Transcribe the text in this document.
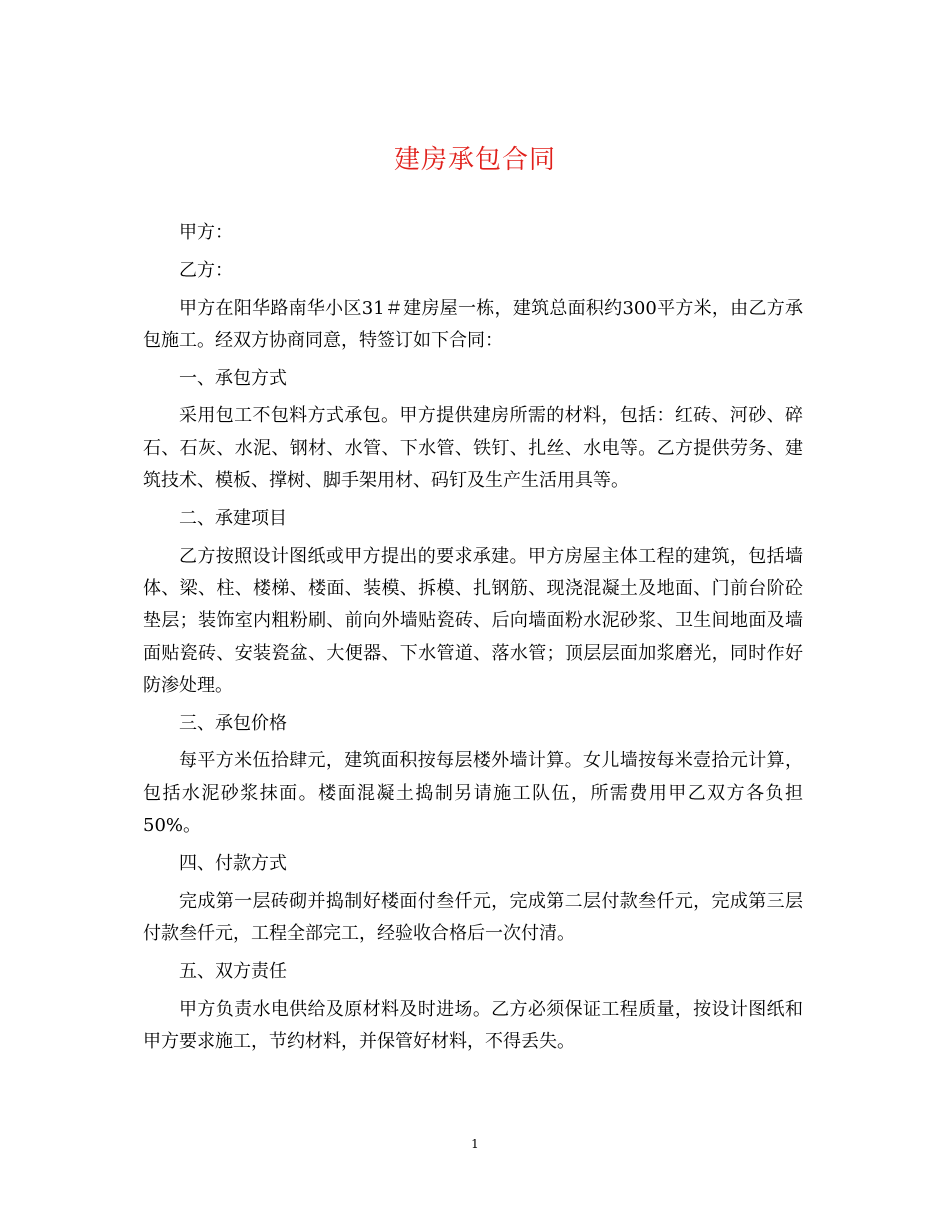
建房承包合同

甲方：

乙方：

甲方在阳华路南华小区31＃建房屋一栋，建筑总面积约300平方米，由乙方承包施工。经双方协商同意，特签订如下合同：

一、承包方式

采用包工不包料方式承包。甲方提供建房所需的材料，包括：红砖、河砂、碎石、石灰、水泥、钢材、水管、下水管、铁钉、扎丝、水电等。乙方提供劳务、建筑技术、模板、撑树、脚手架用材、码钉及生产生活用具等。

二、承建项目

乙方按照设计图纸或甲方提出的要求承建。甲方房屋主体工程的建筑，包括墙体、梁、柱、楼梯、楼面、装模、拆模、扎钢筋、现浇混凝土及地面、门前台阶砼垫层；装饰室内粗粉刷、前向外墙贴瓷砖、后向墙面粉水泥砂浆、卫生间地面及墙面贴瓷砖、安装瓷盆、大便器、下水管道、落水管；顶层层面加浆磨光，同时作好防渗处理。

三、承包价格

每平方米伍拾肆元，建筑面积按每层楼外墙计算。女儿墙按每米壹拾元计算，包括水泥砂浆抹面。楼面混凝土捣制另请施工队伍，所需费用甲乙双方各负担50%。

四、付款方式

完成第一层砖砌并捣制好楼面付叁仟元，完成第二层付款叁仟元，完成第三层付款叁仟元，工程全部完工，经验收合格后一次付清。

五、双方责任

甲方负责水电供给及原材料及时进场。乙方必须保证工程质量，按设计图纸和甲方要求施工，节约材料，并保管好材料，不得丢失。

1
